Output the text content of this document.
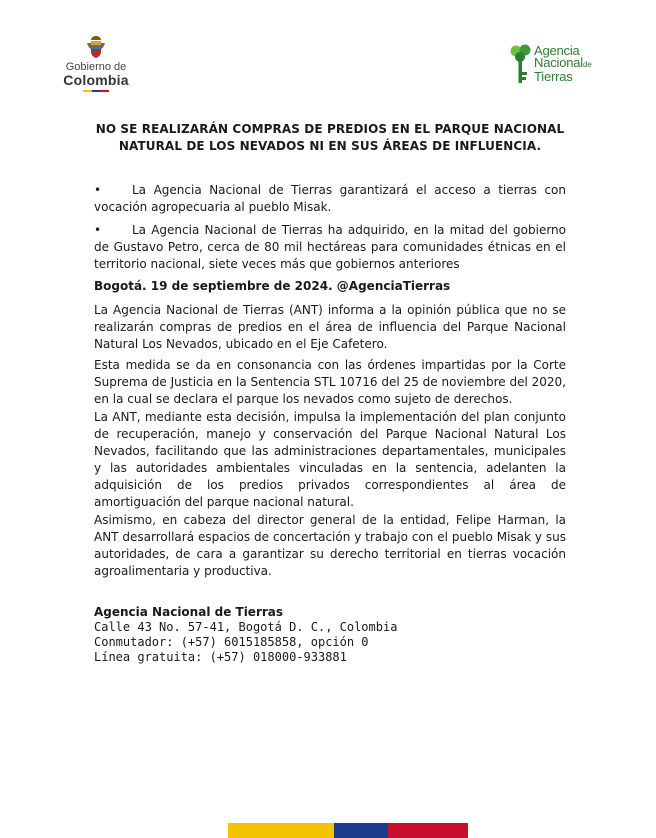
Gobierno de
Colombia
Agencia
Nacionalde
Tierras
NO SE REALIZARÁN COMPRAS DE PREDIOS EN EL PARQUE NACIONAL NATURAL DE LOS NEVADOS NI EN SUS ÁREAS DE INFLUENCIA.
•	La Agencia Nacional de Tierras garantizará el acceso a tierras con vocación agropecuaria al pueblo Misak.
•	La Agencia Nacional de Tierras ha adquirido, en la mitad del gobierno de Gustavo Petro, cerca de 80 mil hectáreas para comunidades étnicas en el territorio nacional, siete veces más que gobiernos anteriores
Bogotá. 19 de septiembre de 2024. @AgenciaTierras
La Agencia Nacional de Tierras (ANT) informa a la opinión pública que no se realizarán compras de predios en el área de influencia del Parque Nacional Natural Los Nevados, ubicado en el Eje Cafetero.
Esta medida se da en consonancia con las órdenes impartidas por la Corte Suprema de Justicia en la Sentencia STL 10716 del 25 de noviembre del 2020, en la cual se declara el parque los nevados como sujeto de derechos.
La ANT, mediante esta decisión, impulsa la implementación del plan conjunto de recuperación, manejo y conservación del Parque Nacional Natural Los Nevados, facilitando que las administraciones departamentales, municipales y las autoridades ambientales vinculadas en la sentencia, adelanten la adquisición de los predios privados correspondientes al área de amortiguación del parque nacional natural.
Asimismo, en cabeza del director general de la entidad, Felipe Harman, la ANT desarrollará espacios de concertación y trabajo con el pueblo Misak y sus autoridades, de cara a garantizar su derecho territorial en tierras vocación agroalimentaria y productiva.
Agencia Nacional de Tierras
Calle 43 No. 57-41, Bogotá D. C., Colombia
Conmutador: (+57) 6015185858, opción 0
Línea gratuita: (+57) 018000-933881
